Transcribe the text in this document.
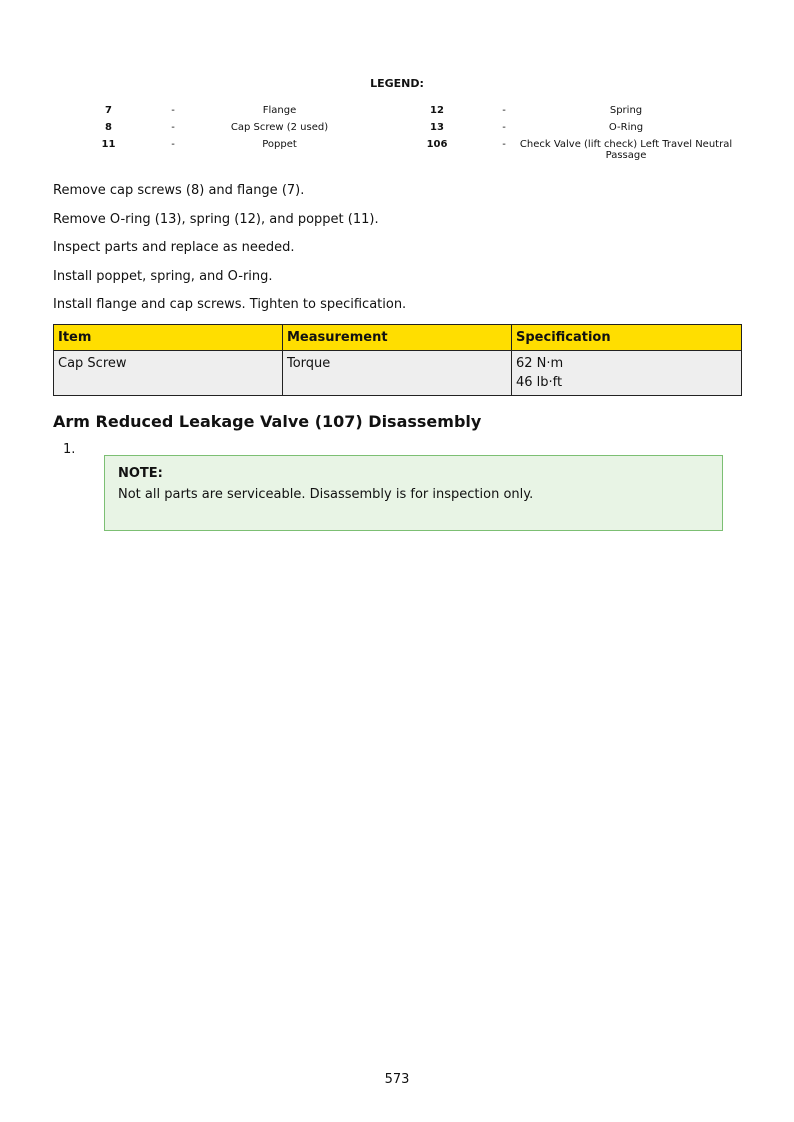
LEGEND:
7	-	Flange	12	-	Spring
8	-	Cap Screw (2 used)	13	-	O-Ring
11	-	Poppet	106	-	Check Valve (lift check) Left Travel Neutral Passage

Remove cap screws (8) and flange (7).

Remove O-ring (13), spring (12), and poppet (11).

Inspect parts and replace as needed.

Install poppet, spring, and O-ring.

Install flange and cap screws. Tighten to specification.

Item	Measurement	Specification
Cap Screw	Torque	62 N·m
46 lb·ft
Arm Reduced Leakage Valve (107) Disassembly
1.

NOTE:

Not all parts are serviceable. Disassembly is for inspection only.

573
